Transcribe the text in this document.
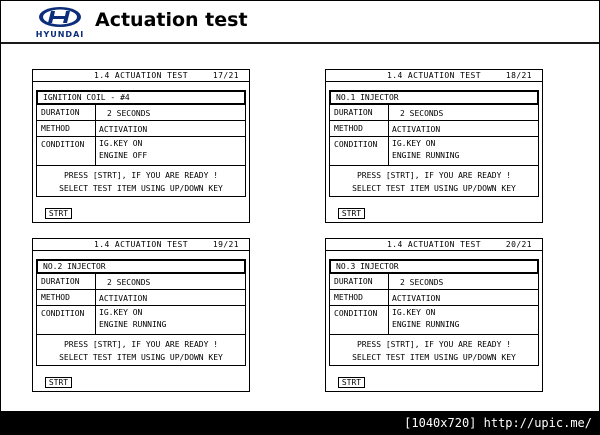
HYUNDAI
Actuation test
1.4 ACTUATION TEST	17/21
IGNITION COIL - #4
DURATION	2 SECONDS
METHOD	ACTIVATION
CONDITION	IG.KEY ON
ENGINE OFF
PRESS [STRT], IF YOU ARE READY !
SELECT TEST ITEM USING UP/DOWN KEY
STRT
1.4 ACTUATION TEST	18/21
NO.1 INJECTOR
DURATION	2 SECONDS
METHOD	ACTIVATION
CONDITION	IG.KEY ON
ENGINE RUNNING
PRESS [STRT], IF YOU ARE READY !
SELECT TEST ITEM USING UP/DOWN KEY
STRT
1.4 ACTUATION TEST	19/21
NO.2 INJECTOR
DURATION	2 SECONDS
METHOD	ACTIVATION
CONDITION	IG.KEY ON
ENGINE RUNNING
PRESS [STRT], IF YOU ARE READY !
SELECT TEST ITEM USING UP/DOWN KEY
STRT
1.4 ACTUATION TEST	20/21
NO.3 INJECTOR
DURATION	2 SECONDS
METHOD	ACTIVATION
CONDITION	IG.KEY ON
ENGINE RUNNING
PRESS [STRT], IF YOU ARE READY !
SELECT TEST ITEM USING UP/DOWN KEY
STRT
[1040x720] http://upic.me/
